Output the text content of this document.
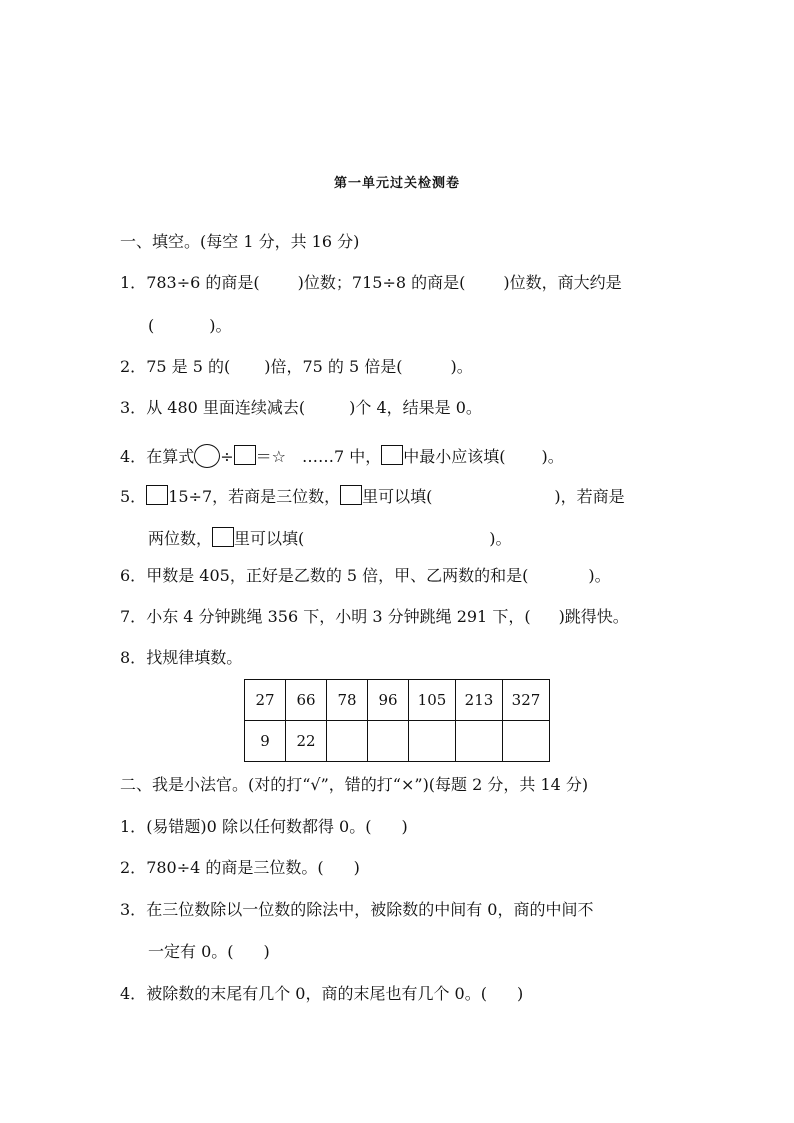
第一单元过关检测卷
一、填空。(每空 1 分，共 16 分)
1．783÷6 的商是( )位数；715÷8 的商是( )位数，商大约是
(	)。
2．75 是 5 的( )倍，75 的 5 倍是(	)。
3．从 480 里面连续减去(	)个 4，结果是 0。
4．在算式 ÷ ＝☆ ……7 中， 中最小应该填( )。
5． 15÷7，若商是三位数， 里可以填(	)，若商是
两位数， 里可以填(	)。
6．甲数是 405，正好是乙数的 5 倍，甲、乙两数的和是(	)。
7．小东 4 分钟跳绳 356 下，小明 3 分钟跳绳 291 下，( )跳得快。
8．找规律填数。
27	66	78	96	105	213	327
9	22					
二、我是小法官。(对的打“√”，错的打“×”)(每题 2 分，共 14 分)
1．(易错题)0 除以任何数都得 0。( )
2．780÷4 的商是三位数。( )
3．在三位数除以一位数的除法中，被除数的中间有 0，商的中间不
一定有 0。( )
4．被除数的末尾有几个 0，商的末尾也有几个 0。( )
